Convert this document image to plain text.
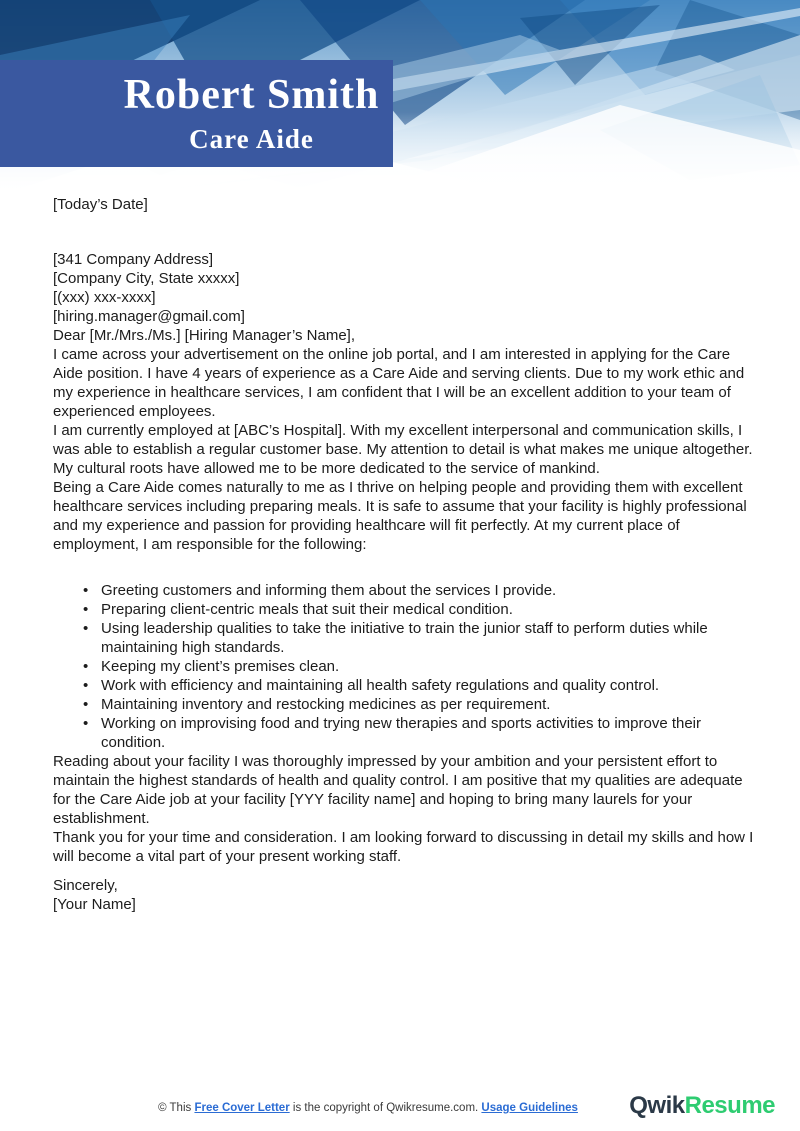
Robert Smith
Care Aide

[Today’s Date]

[341 Company Address]

[Company City, State xxxxx]

[(xxx) xxx-xxxx]

[hiring.manager@gmail.com]

Dear [Mr./Mrs./Ms.] [Hiring Manager’s Name],

I came across your advertisement on the online job portal, and I am interested in applying for the Care Aide position. I have 4 years of experience as a Care Aide and serving clients. Due to my work ethic and my experience in healthcare services, I am confident that I will be an excellent addition to your team of experienced employees.

I am currently employed at [ABC’s Hospital]. With my excellent interpersonal and communication skills, I was able to establish a regular customer base. My attention to detail is what makes me unique altogether. My cultural roots have allowed me to be more dedicated to the service of mankind.

Being a Care Aide comes naturally to me as I thrive on helping people and providing them with excellent healthcare services including preparing meals. It is safe to assume that your facility is highly professional and my experience and passion for providing healthcare will fit perfectly. At my current place of employment, I am responsible for the following:

• Greeting customers and informing them about the services I provide.
• Preparing client-centric meals that suit their medical condition.
• Using leadership qualities to take the initiative to train the junior staff to perform duties while maintaining high standards.
• Keeping my client’s premises clean.
• Work with efficiency and maintaining all health safety regulations and quality control.
• Maintaining inventory and restocking medicines as per requirement.
• Working on improvising food and trying new therapies and sports activities to improve their condition.

Reading about your facility I was thoroughly impressed by your ambition and your persistent effort to maintain the highest standards of health and quality control. I am positive that my qualities are adequate for the Care Aide job at your facility [YYY facility name] and hoping to bring many laurels for your establishment.

Thank you for your time and consideration. I am looking forward to discussing in detail my skills and how I will become a vital part of your present working staff.

Sincerely,

[Your Name]

© This Free Cover Letter is the copyright of Qwikresume.com. Usage Guidelines QwikResume
